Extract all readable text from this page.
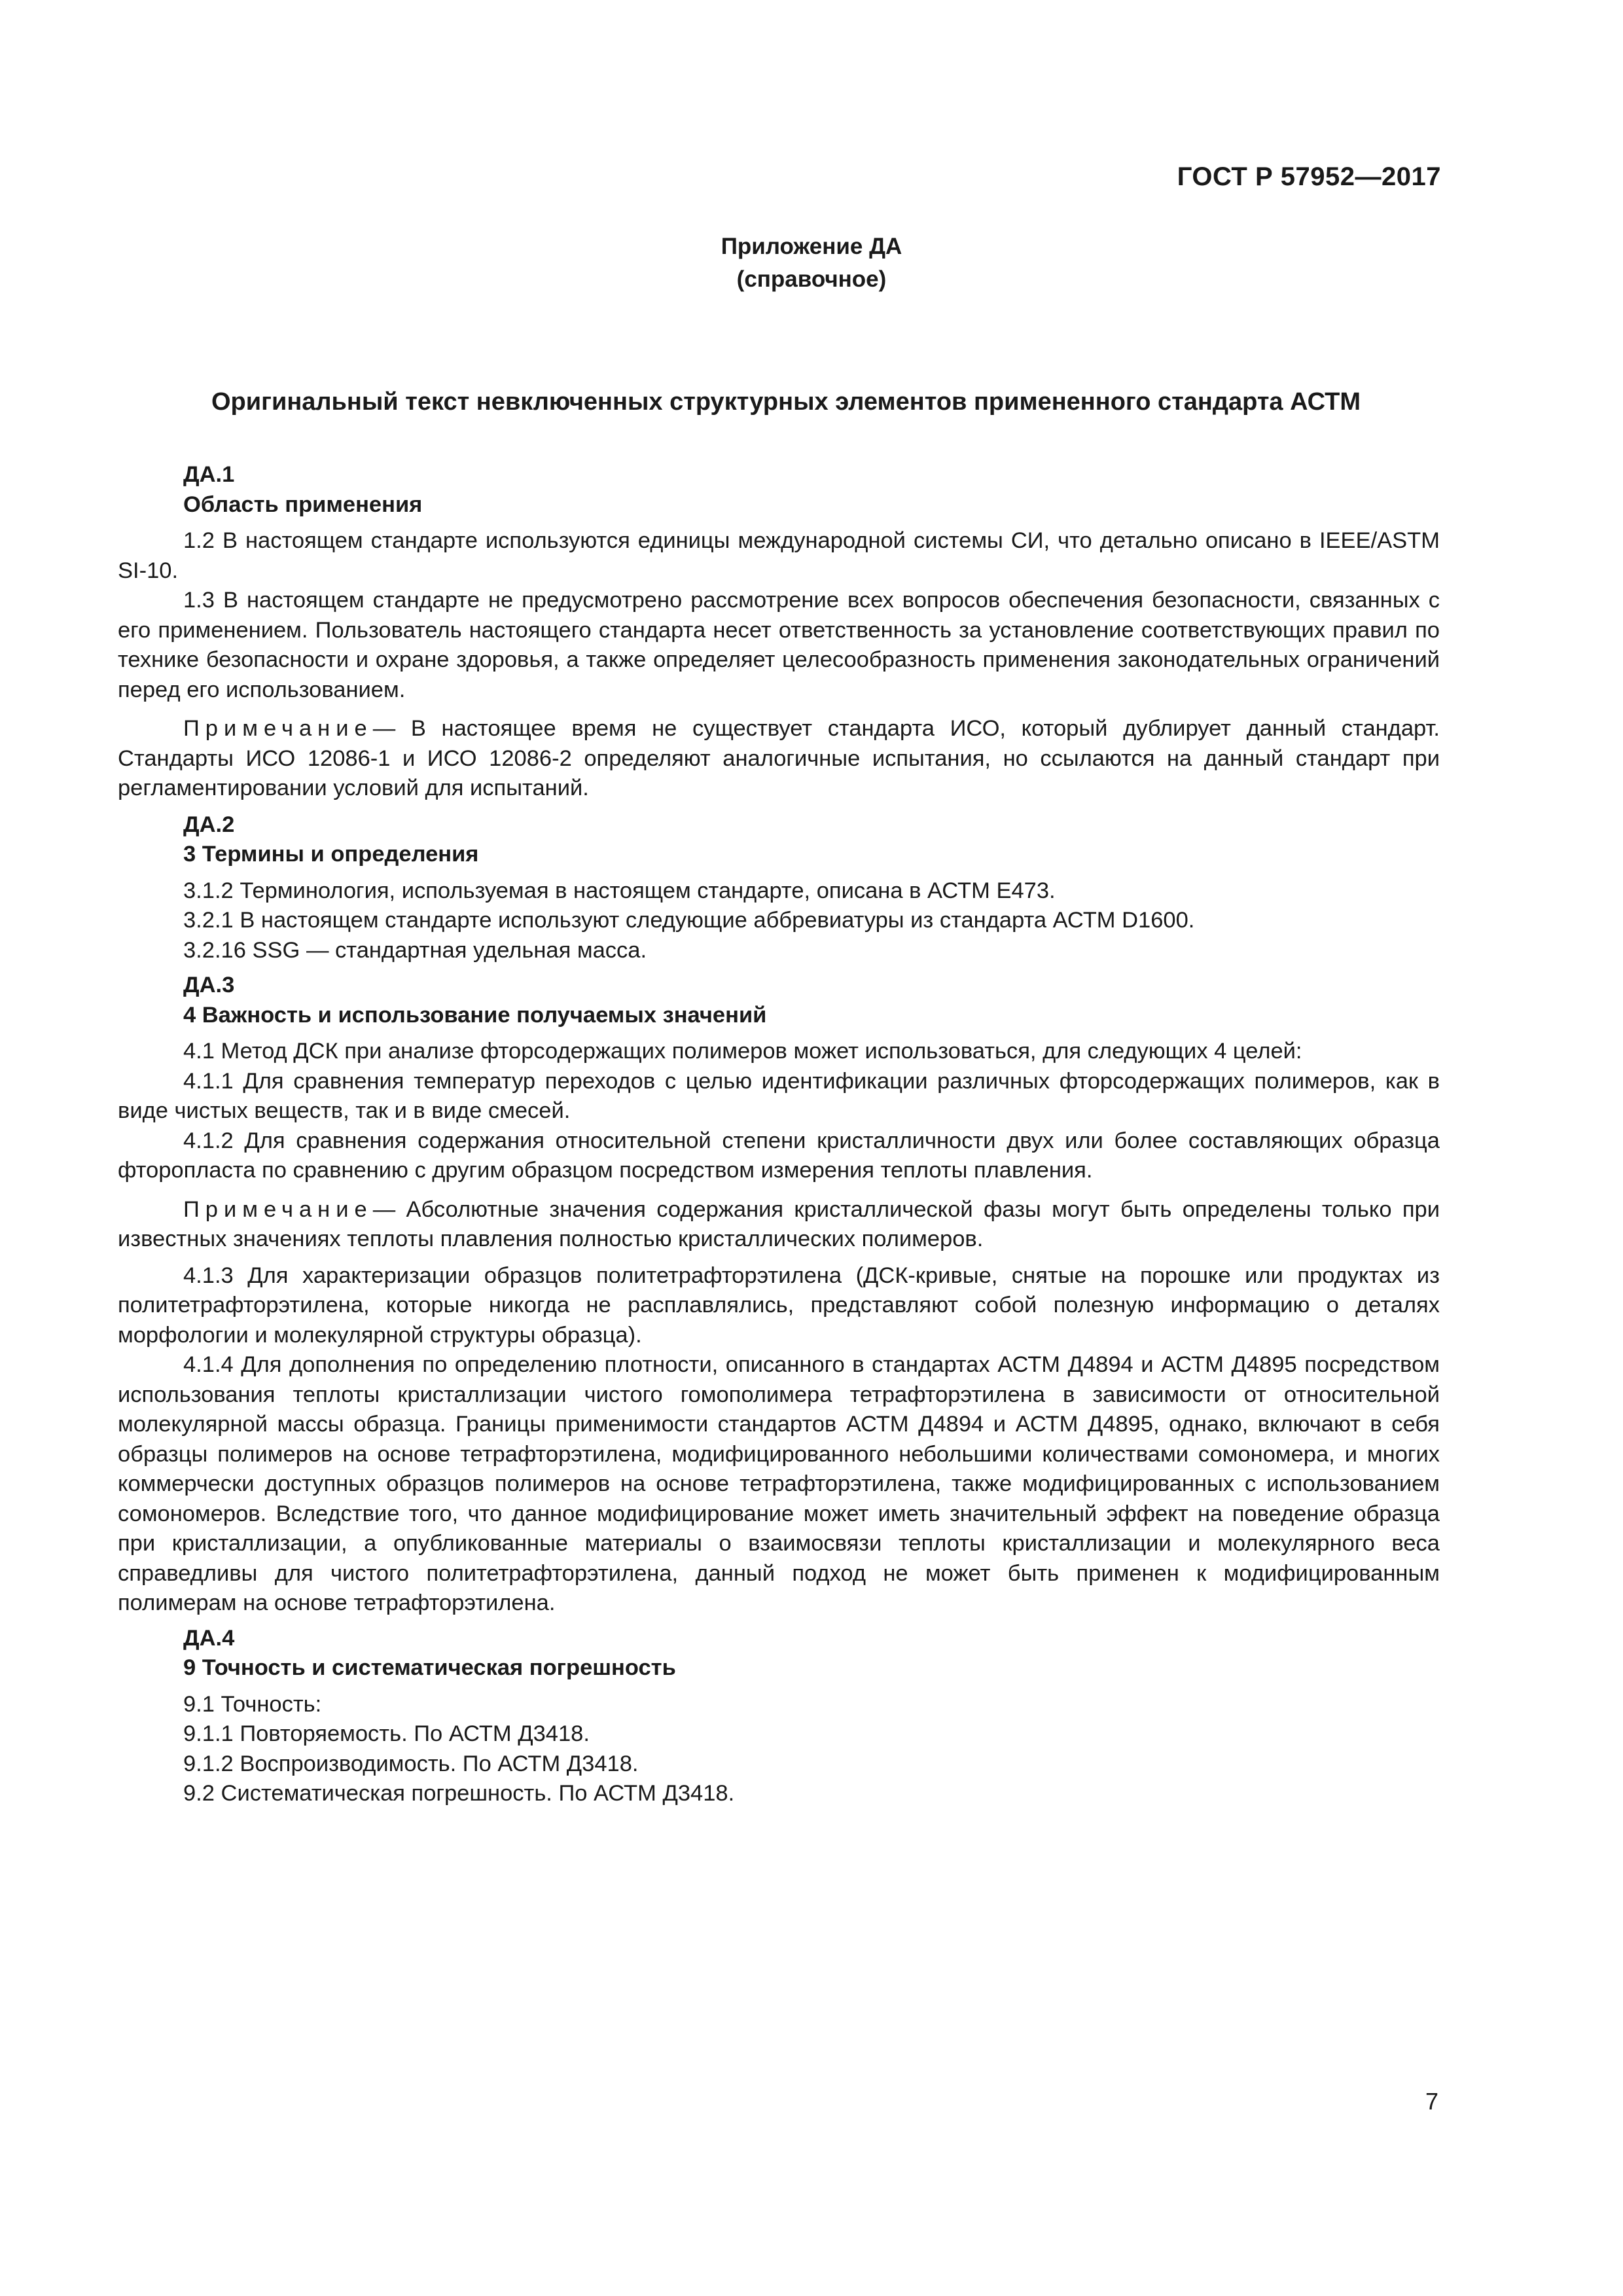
ГОСТ Р 57952—2017
Приложение ДА
(справочное)
Оригинальный текст невключенных структурных элементов примененного стандарта АСТМ
ДА.1
Область применения

1.2 В настоящем стандарте используются единицы международной системы СИ, что детально описано в IEEE/ASTM SI-10.

1.3 В настоящем стандарте не предусмотрено рассмотрение всех вопросов обеспечения безопасности, связанных с его применением. Пользователь настоящего стандарта несет ответственность за установление соответствующих правил по технике безопасности и охране здоровья, а также определяет целесообразность применения законодательных ограничений перед его использованием.

Примечание— В настоящее время не существует стандарта ИСО, который дублирует данный стандарт. Стандарты ИСО 12086-1 и ИСО 12086-2 определяют аналогичные испытания, но ссылаются на данный стандарт при регламентировании условий для испытаний.

ДА.2
3 Термины и определения

3.1.2 Терминология, используемая в настоящем стандарте, описана в АСТМ Е473.

3.2.1 В настоящем стандарте используют следующие аббревиатуры из стандарта АСТМ D1600.

3.2.16 SSG — стандартная удельная масса.

ДА.3
4 Важность и использование получаемых значений

4.1 Метод ДСК при анализе фторсодержащих полимеров может использоваться, для следующих 4 целей:

4.1.1 Для сравнения температур переходов с целью идентификации различных фторсодержащих полимеров, как в виде чистых веществ, так и в виде смесей.

4.1.2 Для сравнения содержания относительной степени кристалличности двух или более составляющих образца фторопласта по сравнению с другим образцом посредством измерения теплоты плавления.

Примечание— Абсолютные значения содержания кристаллической фазы могут быть определены только при известных значениях теплоты плавления полностью кристаллических полимеров.

4.1.3 Для характеризации образцов политетрафторэтилена (ДСК-кривые, снятые на порошке или продуктах из политетрафторэтилена, которые никогда не расплавлялись, представляют собой полезную информацию о деталях морфологии и молекулярной структуры образца).

4.1.4 Для дополнения по определению плотности, описанного в стандартах АСТМ Д4894 и АСТМ Д4895 посредством использования теплоты кристаллизации чистого гомополимера тетрафторэтилена в зависимости от относительной молекулярной массы образца. Границы применимости стандартов АСТМ Д4894 и АСТМ Д4895, однако, включают в себя образцы полимеров на основе тетрафторэтилена, модифицированного небольшими количествами сомономера, и многих коммерчески доступных образцов полимеров на основе тетрафторэтилена, также модифицированных с использованием сомономеров. Вследствие того, что данное модифицирование может иметь значительный эффект на поведение образца при кристаллизации, а опубликованные материалы о взаимосвязи теплоты кристаллизации и молекулярного веса справедливы для чистого политетрафторэтилена, данный подход не может быть применен к модифицированным полимерам на основе тетрафторэтилена.

ДА.4
9 Точность и систематическая погрешность

9.1 Точность:

9.1.1 Повторяемость. По АСТМ Д3418.

9.1.2 Воспроизводимость. По АСТМ Д3418.

9.2 Систематическая погрешность. По АСТМ Д3418.

7
